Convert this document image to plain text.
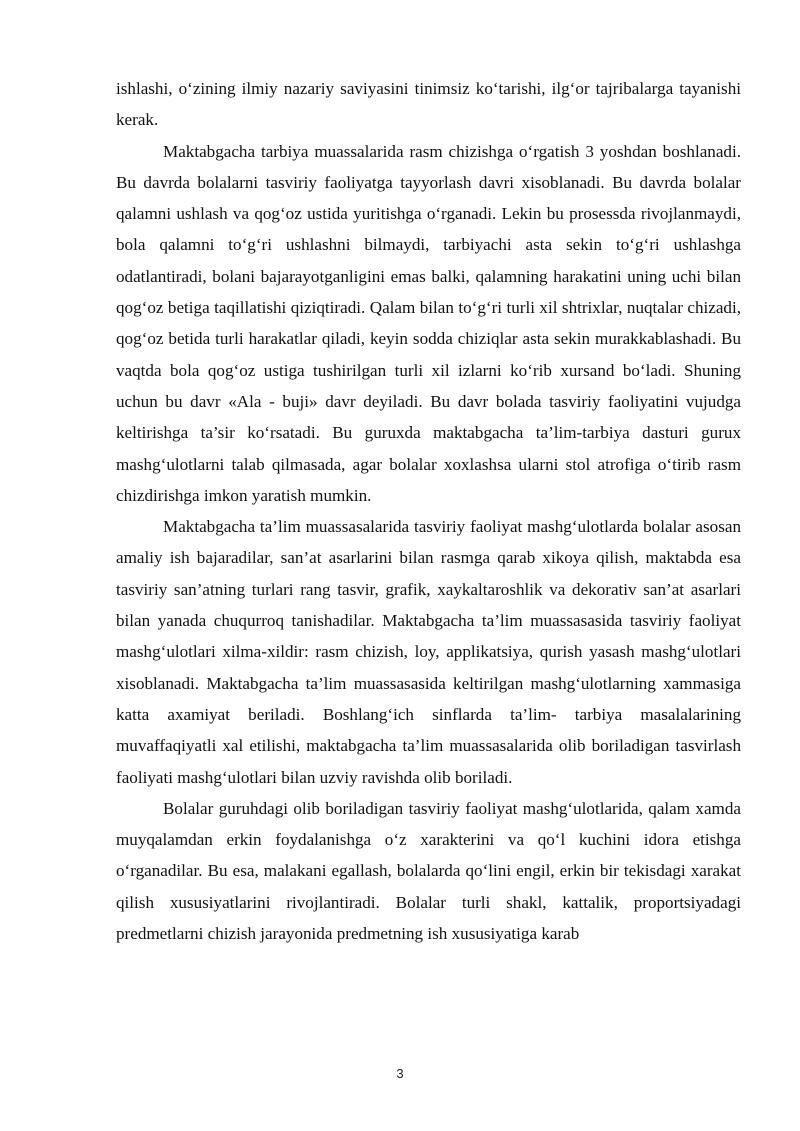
ishlashi, o‘zining ilmiy nazariy saviyasini tinimsiz ko‘tarishi, ilg‘or tajribalarga tayanishi kerak.

Maktabgacha tarbiya muassalarida rasm chizishga o‘rgatish 3 yoshdan boshlanadi. Bu davrda bolalarni tasviriy faoliyatga tayyorlash davri xisoblanadi. Bu davrda bolalar qalamni ushlash va qog‘oz ustida yuritishga o‘rganadi. Lekin bu prosessda rivojlanmaydi, bola qalamni to‘g‘ri ushlashni bilmaydi, tarbiyachi asta sekin to‘g‘ri ushlashga odatlantiradi, bolani bajarayotganligini emas balki, qalamning harakatini uning uchi bilan qog‘oz betiga taqillatishi qiziqtiradi. Qalam bilan to‘g‘ri turli xil shtrixlar, nuqtalar chizadi, qog‘oz betida turli harakatlar qiladi, keyin sodda chiziqlar asta sekin murakkablashadi. Bu vaqtda bola qog‘oz ustiga tushirilgan turli xil izlarni ko‘rib xursand bo‘ladi. Shuning uchun bu davr «Ala - buji» davr deyiladi. Bu davr bolada tasviriy faoliyatini vujudga keltirishga ta’sir ko‘rsatadi. Bu guruxda maktabgacha ta’lim-tarbiya dasturi gurux mashg‘ulotlarni talab qilmasada, agar bolalar xoxlashsa ularni stol atrofiga o‘tirib rasm chizdirishga imkon yaratish mumkin.

Maktabgacha ta’lim muassasalarida tasviriy faoliyat mashg‘ulotlarda bolalar asosan amaliy ish bajaradilar, san’at asarlarini bilan rasmga qarab xikoya qilish, maktabda esa tasviriy san’atning turlari rang tasvir, grafik, xaykaltaroshlik va dekorativ san’at asarlari bilan yanada chuqurroq tanishadilar. Maktabgacha ta’lim muassasasida tasviriy faoliyat mashg‘ulotlari xilma-xildir: rasm chizish, loy, applikatsiya, qurish yasash mashg‘ulotlari xisoblanadi. Maktabgacha ta’lim muassasasida keltirilgan mashg‘ulotlarning xammasiga katta axamiyat beriladi. Boshlang‘ich sinflarda ta’lim- tarbiya masalalarining muvaffaqiyatli xal etilishi, maktabgacha ta’lim muassasalarida olib boriladigan tasvirlash faoliyati mashg‘ulotlari bilan uzviy ravishda olib boriladi.

Bolalar guruhdagi olib boriladigan tasviriy faoliyat mashg‘ulotlarida, qalam xamda muyqalamdan erkin foydalanishga o‘z xarakterini va qo‘l kuchini idora etishga o‘rganadilar. Bu esa, malakani egallash, bolalarda qo‘lini engil, erkin bir tekisdagi xarakat qilish xususiyatlarini rivojlantiradi. Bolalar turli shakl, kattalik, proportsiyadagi predmetlarni chizish jarayonida predmetning ish xususiyatiga karab

3
